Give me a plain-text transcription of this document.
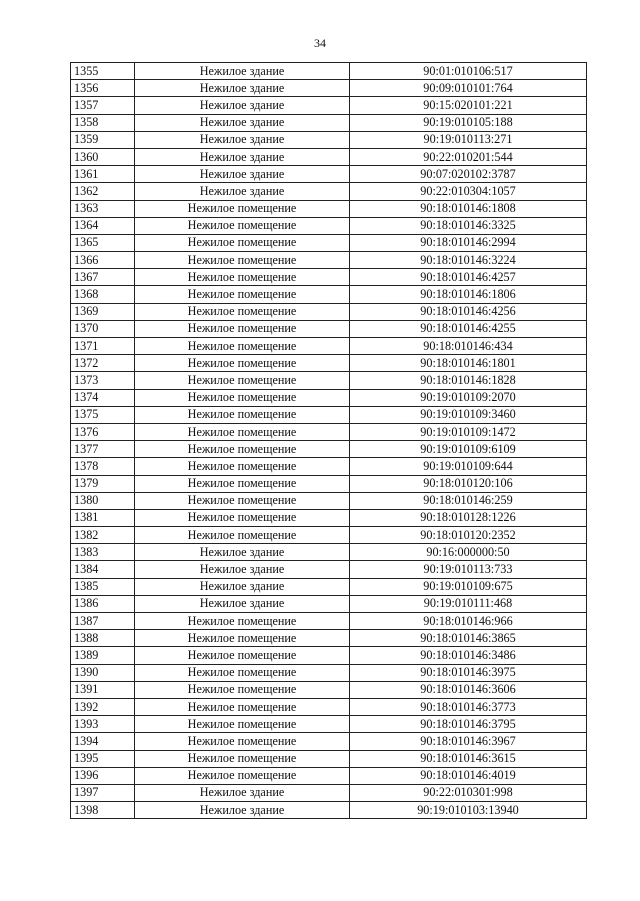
34
1355	Нежилое здание	90:01:010106:517
1356	Нежилое здание	90:09:010101:764
1357	Нежилое здание	90:15:020101:221
1358	Нежилое здание	90:19:010105:188
1359	Нежилое здание	90:19:010113:271
1360	Нежилое здание	90:22:010201:544
1361	Нежилое здание	90:07:020102:3787
1362	Нежилое здание	90:22:010304:1057
1363	Нежилое помещение	90:18:010146:1808
1364	Нежилое помещение	90:18:010146:3325
1365	Нежилое помещение	90:18:010146:2994
1366	Нежилое помещение	90:18:010146:3224
1367	Нежилое помещение	90:18:010146:4257
1368	Нежилое помещение	90:18:010146:1806
1369	Нежилое помещение	90:18:010146:4256
1370	Нежилое помещение	90:18:010146:4255
1371	Нежилое помещение	90:18:010146:434
1372	Нежилое помещение	90:18:010146:1801
1373	Нежилое помещение	90:18:010146:1828
1374	Нежилое помещение	90:19:010109:2070
1375	Нежилое помещение	90:19:010109:3460
1376	Нежилое помещение	90:19:010109:1472
1377	Нежилое помещение	90:19:010109:6109
1378	Нежилое помещение	90:19:010109:644
1379	Нежилое помещение	90:18:010120:106
1380	Нежилое помещение	90:18:010146:259
1381	Нежилое помещение	90:18:010128:1226
1382	Нежилое помещение	90:18:010120:2352
1383	Нежилое здание	90:16:000000:50
1384	Нежилое здание	90:19:010113:733
1385	Нежилое здание	90:19:010109:675
1386	Нежилое здание	90:19:010111:468
1387	Нежилое помещение	90:18:010146:966
1388	Нежилое помещение	90:18:010146:3865
1389	Нежилое помещение	90:18:010146:3486
1390	Нежилое помещение	90:18:010146:3975
1391	Нежилое помещение	90:18:010146:3606
1392	Нежилое помещение	90:18:010146:3773
1393	Нежилое помещение	90:18:010146:3795
1394	Нежилое помещение	90:18:010146:3967
1395	Нежилое помещение	90:18:010146:3615
1396	Нежилое помещение	90:18:010146:4019
1397	Нежилое здание	90:22:010301:998
1398	Нежилое здание	90:19:010103:13940
